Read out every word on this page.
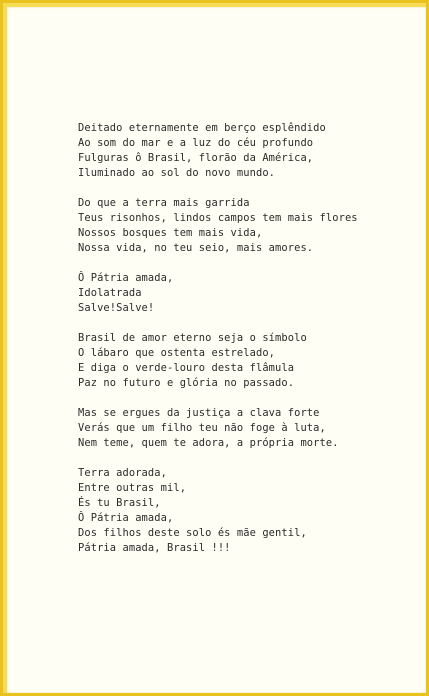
Deitado eternamente em berço esplêndido
Ao som do mar e a luz do céu profundo
Fulguras ô Brasil, florão da América,
Iluminado ao sol do novo mundo.
Do que a terra mais garrida
Teus risonhos, lindos campos tem mais flores
Nossos bosques tem mais vida,
Nossa vida, no teu seio, mais amores.
Ô Pátria amada,
Idolatrada
Salve!Salve!
Brasil de amor eterno seja o símbolo
O lábaro que ostenta estrelado,
E diga o verde-louro desta flâmula
Paz no futuro e glória no passado.
Mas se ergues da justiça a clava forte
Verás que um filho teu não foge à luta,
Nem teme, quem te adora, a própria morte.
Terra adorada,
Entre outras mil,
És tu Brasil,
Ô Pátria amada,
Dos filhos deste solo és mãe gentil,
Pátria amada, Brasil !!!
